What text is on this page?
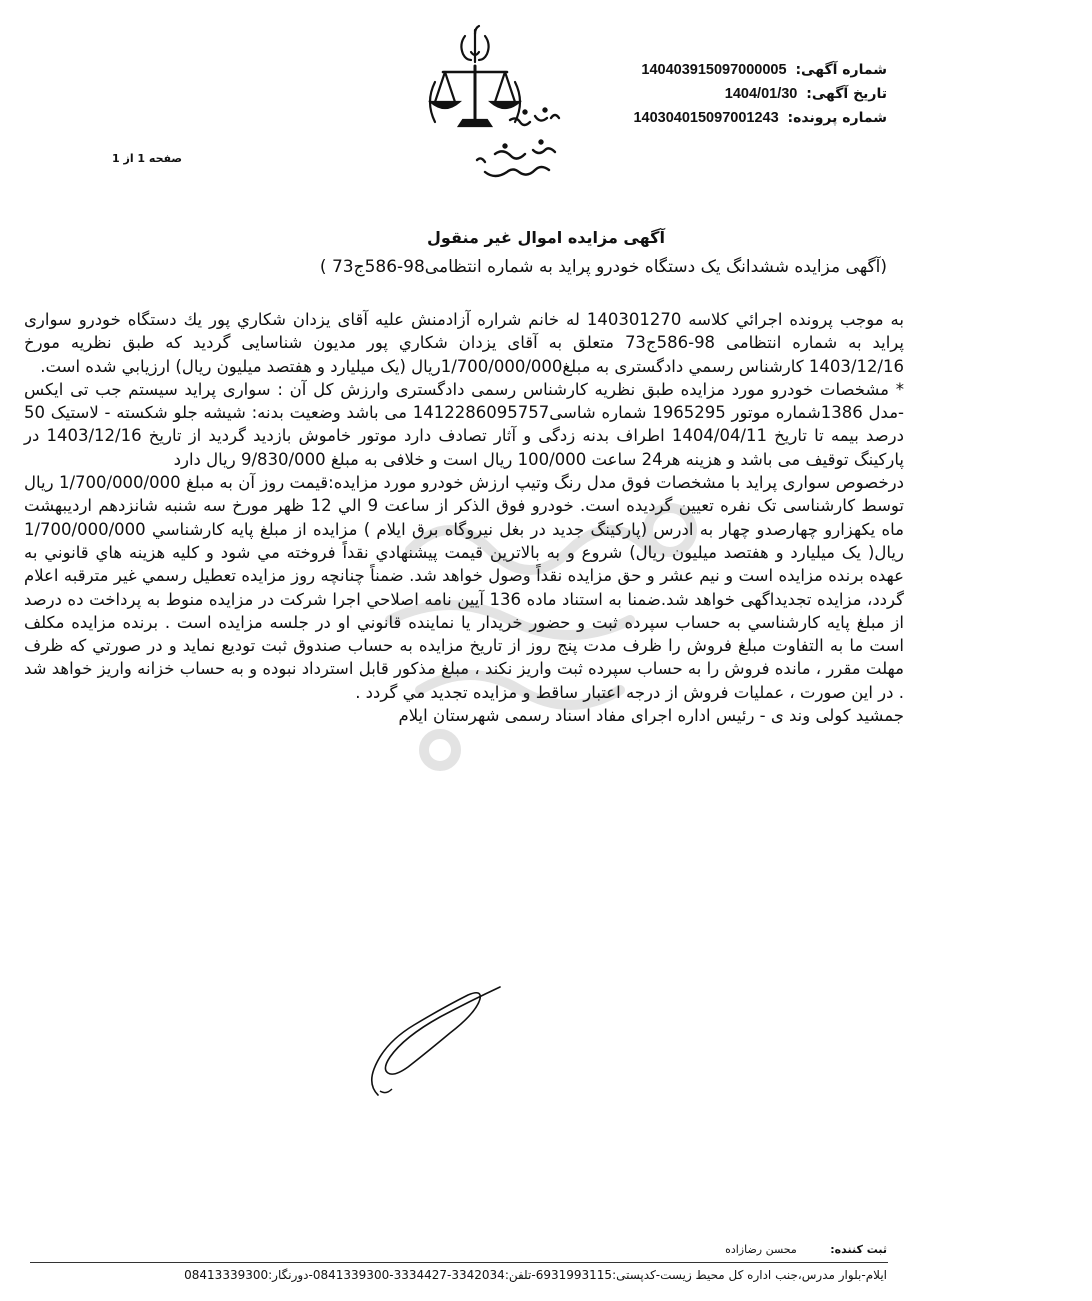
شماره آگهی: 140403915097000005
تاریخ آگهی: 1404/01/30
شماره پرونده: 140304015097001243
صفحه 1 از 1
آگهی مزایده اموال غیر منقول
(آگهی مزایده ششدانگ یک دستگاه خودرو پراید به شماره انتظامی98-586ج73 )

به موجب پرونده اجرائي كلاسه 140301270 له خانم شراره آزادمنش علیه آقای یزدان شکاري پور يك دستگاه خودرو سواری پراید به شماره انتظامی 98-586ج73 متعلق به آقای یزدان شکاري پور مدیون شناسایی گردید که طبق نظریه مورخ 1403/12/16 کارشناس رسمي دادگستری به مبلغ1/700/000/000ریال (یک میلیارد و هفتصد میلیون ريال) ارزیابي شده است.

* مشخصات خودرو مورد مزایده طبق نظریه کارشناس رسمی دادگستری وارزش کل آن : سواری پراید سیستم جب تی ایکس -مدل 1386شماره موتور 1965295 شماره شاسی1412286095757 می باشد وضعیت بدنه: شیشه جلو شکسته - لاستیک 50 درصد بیمه تا تاریخ 1404/04/11 اطراف بدنه زدگی و آثار تصادف دارد موتور خاموش بازدید گردید از تاریخ 1403/12/16 در پارکینگ توقیف می باشد و هزینه هر24 ساعت 100/000 ريال است و خلافی به مبلغ 9/830/000 ريال دارد

درخصوص سواری پراید با مشخصات فوق مدل رنگ وتیپ ارزش خودرو مورد مزایده:قیمت روز آن به مبلغ 1/700/000/000 ريال توسط كارشناسی تک نفره تعیین گردیده است. خودرو فوق الذكر از ساعت 9 الي 12 ظهر مورخ سه شنبه شانزدهم اردیبهشت ماه یکهزارو چهارصدو چهار به ادرس (پارکینگ جدید در بغل نیروگاه برق ایلام ) مزايده از مبلغ پایه كارشناسي 1/700/000/000 ريال( یک میلیارد و هفتصد میلیون ريال) شروع و به بالاترين قيمت پيشنهادي نقداً فروخته مي شود و كليه هزينه هاي قانوني به عهده برنده مزايده است و نيم عشر و حق مزايده نقداً وصول خواهد شد. ضمناً چنانچه روز مزايده تعطيل رسمي غير مترقبه اعلام گردد، مزايده تجديداگهی خواهد شد.ضمنا به استناد ماده 136 آیین نامه اصلاحي اجرا شرکت در مزایده منوط به پرداخت ده درصد از مبلغ پایه كارشناسي به حساب سپرده ثبت و حضور خریدار یا نماینده قانوني او در جلسه مزایده است . برنده مزایده مکلف است ما به التفاوت مبلغ فروش را ظرف مدت پنج روز از تاریخ مزایده به حساب صندوق ثبت تودیع نماید و در صورتي كه ظرف مهلت مقرر ، مانده فروش را به حساب سپرده ثبت واريز نكند ، مبلغ مذكور قابل استرداد نبوده و به حساب خزانه واريز خواهد شد . در اين صورت ، عمليات فروش از درجه اعتبار ساقط و مزايده تجديد مي گردد .

جمشید کولی وند ی - رئیس اداره اجرای مفاد اسناد رسمی شهرستان ایلام

ثبت کننده: محسن رضازاده
ایلام-بلوار مدرس،جنب اداره کل محیط زیست-کدپستی:6931993115-تلفن:3342034-3334427-0841339300-دورنگار:08413339300
